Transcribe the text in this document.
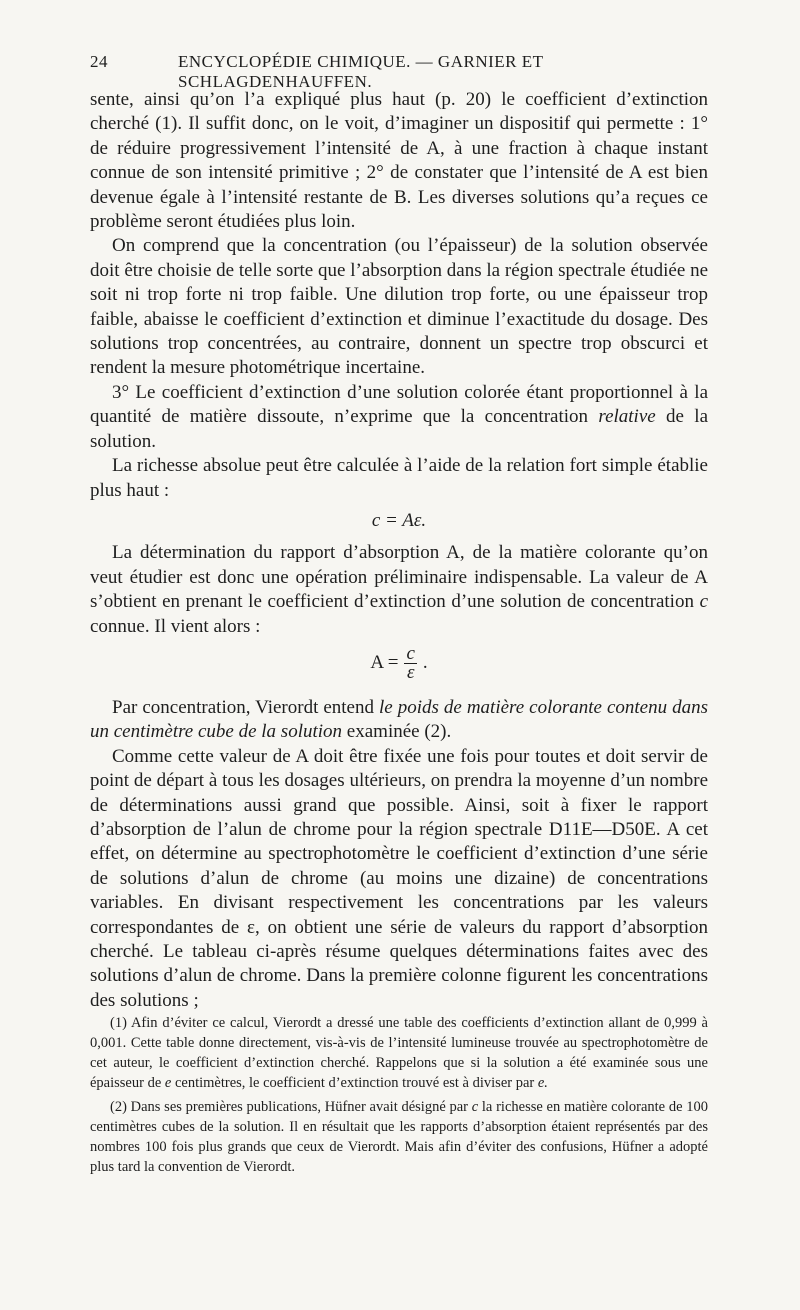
24	ENCYCLOPÉDIE CHIMIQUE. — GARNIER ET SCHLAGDENHAUFFEN.

sente, ainsi qu’on l’a expliqué plus haut (p. 20) le coefficient d’extinction cherché (1). Il suffit donc, on le voit, d’imaginer un dispositif qui permette : 1° de réduire progressivement l’intensité de A, à une fraction à chaque instant connue de son intensité primitive ; 2° de constater que l’intensité de A est bien devenue égale à l’intensité restante de B. Les diverses solutions qu’a reçues ce problème seront étudiées plus loin.

On comprend que la concentration (ou l’épaisseur) de la solution observée doit être choisie de telle sorte que l’absorption dans la région spectrale étudiée ne soit ni trop forte ni trop faible. Une dilution trop forte, ou une épaisseur trop faible, abaisse le coefficient d’extinction et diminue l’exactitude du dosage. Des solutions trop concentrées, au contraire, donnent un spectre trop obscurci et rendent la mesure photométrique incertaine.

3° Le coefficient d’extinction d’une solution colorée étant proportionnel à la quantité de matière dissoute, n’exprime que la concentration relative de la solution.

La richesse absolue peut être calculée à l’aide de la relation fort simple établie plus haut :

c = Aε.

La détermination du rapport d’absorption A, de la matière colorante qu’on veut étudier est donc une opération préliminaire indispensable. La valeur de A s’obtient en prenant le coefficient d’extinction d’une solution de concentration c connue. Il vient alors :

$A = \frac{c}{\varepsilon}$ .

Par concentration, Vierordt entend le poids de matière colorante contenu dans un centimètre cube de la solution examinée (2).

Comme cette valeur de A doit être fixée une fois pour toutes et doit servir de point de départ à tous les dosages ultérieurs, on prendra la moyenne d’un nombre de déterminations aussi grand que possible. Ainsi, soit à fixer le rapport d’absorption de l’alun de chrome pour la région spectrale D11E—D50E. A cet effet, on détermine au spectrophotomètre le coefficient d’extinction d’une série de solutions d’alun de chrome (au moins une dizaine) de concentrations variables. En divisant respectivement les concentrations par les valeurs correspondantes de ε, on obtient une série de valeurs du rapport d’absorption cherché. Le tableau ci-après résume quelques déterminations faites avec des solutions d’alun de chrome. Dans la première colonne figurent les concentrations des solutions ;

(1) Afin d’éviter ce calcul, Vierordt a dressé une table des coefficients d’extinction allant de 0,999 à 0,001. Cette table donne directement, vis-à-vis de l’intensité lumineuse trouvée au spectrophotomètre de cet auteur, le coefficient d’extinction cherché. Rappelons que si la solution a été examinée sous une épaisseur de e centimètres, le coefficient d’extinction trouvé est à diviser par e.

(2) Dans ses premières publications, Hüfner avait désigné par c la richesse en matière colorante de 100 centimètres cubes de la solution. Il en résultait que les rapports d’absorption étaient représentés par des nombres 100 fois plus grands que ceux de Vierordt. Mais afin d’éviter des confusions, Hüfner a adopté plus tard la convention de Vierordt.
